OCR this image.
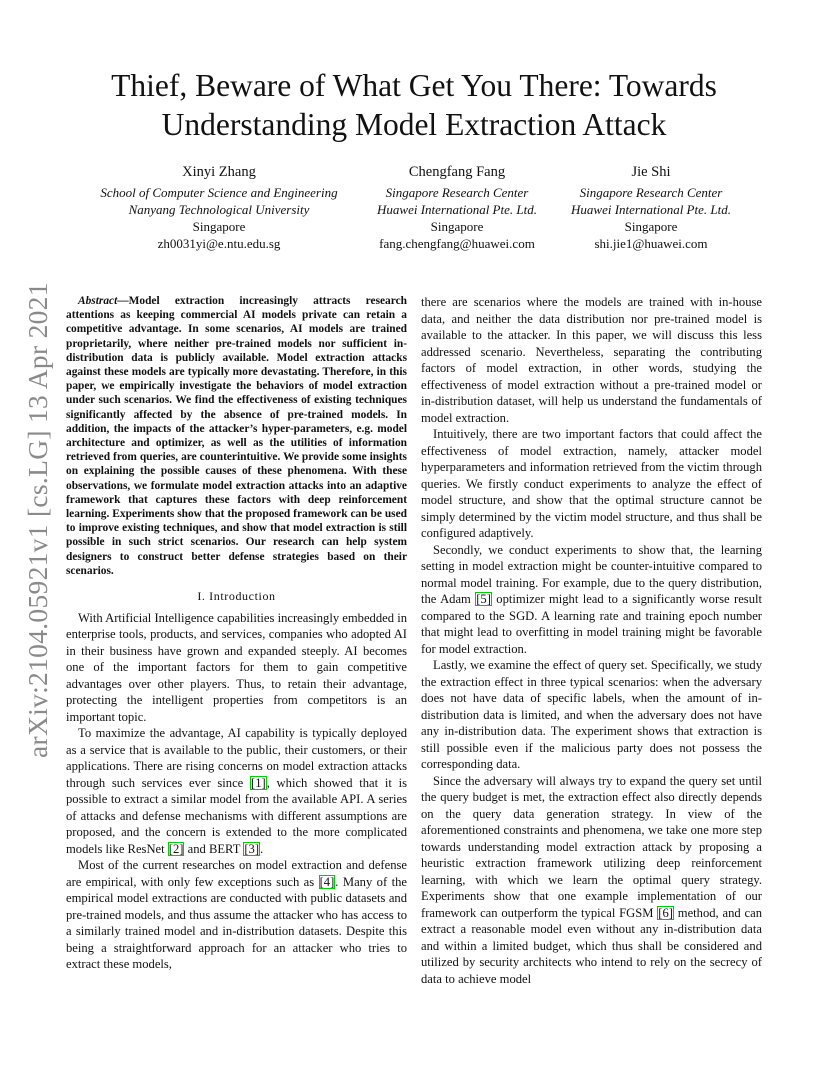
arXiv:2104.05921v1 [cs.LG] 13 Apr 2021
Thief, Beware of What Get You There: Towards
Understanding Model Extraction Attack
Xinyi Zhang
School of Computer Science and Engineering
Nanyang Technological University
Singapore
zh0031yi@e.ntu.edu.sg
Chengfang Fang
Singapore Research Center
Huawei International Pte. Ltd.
Singapore
fang.chengfang@huawei.com
Jie Shi
Singapore Research Center
Huawei International Pte. Ltd.
Singapore
shi.jie1@huawei.com

Abstract—Model extraction increasingly attracts research attentions as keeping commercial AI models private can retain a competitive advantage. In some scenarios, AI models are trained proprietarily, where neither pre-trained models nor sufficient in-distribution data is publicly available. Model extraction attacks against these models are typically more devastating. Therefore, in this paper, we empirically investigate the behaviors of model extraction under such scenarios. We find the effectiveness of existing techniques significantly affected by the absence of pre-trained models. In addition, the impacts of the attacker’s hyper-parameters, e.g. model architecture and optimizer, as well as the utilities of information retrieved from queries, are counterintuitive. We provide some insights on explaining the possible causes of these phenomena. With these observations, we formulate model extraction attacks into an adaptive framework that captures these factors with deep reinforcement learning. Experiments show that the proposed framework can be used to improve existing techniques, and show that model extraction is still possible in such strict scenarios. Our research can help system designers to construct better defense strategies based on their scenarios.

I. Introduction

With Artificial Intelligence capabilities increasingly embedded in enterprise tools, products, and services, companies who adopted AI in their business have grown and expanded steeply. AI becomes one of the important factors for them to gain competitive advantages over other players. Thus, to retain their advantage, protecting the intelligent properties from competitors is an important topic.

To maximize the advantage, AI capability is typically deployed as a service that is available to the public, their customers, or their applications. There are rising concerns on model extraction attacks through such services ever since [1], which showed that it is possible to extract a similar model from the available API. A series of attacks and defense mechanisms with different assumptions are proposed, and the concern is extended to the more complicated models like ResNet [2] and BERT [3].

Most of the current researches on model extraction and defense are empirical, with only few exceptions such as [4]. Many of the empirical model extractions are conducted with public datasets and pre-trained models, and thus assume the attacker who has access to a similarly trained model and in-distribution datasets. Despite this being a straightforward approach for an attacker who tries to extract these models,

there are scenarios where the models are trained with in-house data, and neither the data distribution nor pre-trained model is available to the attacker. In this paper, we will discuss this less addressed scenario. Nevertheless, separating the contributing factors of model extraction, in other words, studying the effectiveness of model extraction without a pre-trained model or in-distribution dataset, will help us understand the fundamentals of model extraction.

Intuitively, there are two important factors that could affect the effectiveness of model extraction, namely, attacker model hyperparameters and information retrieved from the victim through queries. We firstly conduct experiments to analyze the effect of model structure, and show that the optimal structure cannot be simply determined by the victim model structure, and thus shall be configured adaptively.

Secondly, we conduct experiments to show that, the learning setting in model extraction might be counter-intuitive compared to normal model training. For example, due to the query distribution, the Adam [5] optimizer might lead to a significantly worse result compared to the SGD. A learning rate and training epoch number that might lead to overfitting in model training might be favorable for model extraction.

Lastly, we examine the effect of query set. Specifically, we study the extraction effect in three typical scenarios: when the adversary does not have data of specific labels, when the amount of in-distribution data is limited, and when the adversary does not have any in-distribution data. The experiment shows that extraction is still possible even if the malicious party does not possess the corresponding data.

Since the adversary will always try to expand the query set until the query budget is met, the extraction effect also directly depends on the query data generation strategy. In view of the aforementioned constraints and phenomena, we take one more step towards understanding model extraction attack by proposing a heuristic extraction framework utilizing deep reinforcement learning, with which we learn the optimal query strategy. Experiments show that one example implementation of our framework can outperform the typical FGSM [6] method, and can extract a reasonable model even without any in-distribution data and within a limited budget, which thus shall be considered and utilized by security architects who intend to rely on the secrecy of data to achieve model
